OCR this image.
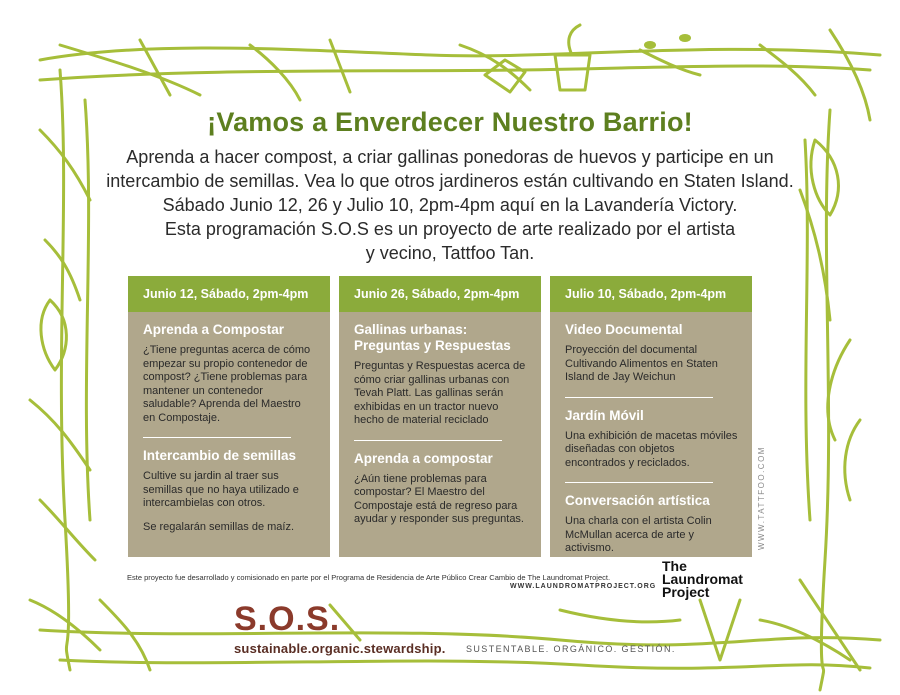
¡Vamos a Enverdecer Nuestro Barrio!

Aprenda a hacer compost, a criar gallinas ponedoras de huevos y participe en un
intercambio de semillas. Vea lo que otros jardineros están cultivando en Staten Island.
Sábado Junio 12, 26 y Julio 10, 2pm-4pm aquí en la Lavandería Victory.
Esta programación S.O.S es un proyecto de arte realizado por el artista
y vecino, Tattfoo Tan.

Junio 12, Sábado, 2pm-4pm

Aprenda a Compostar

¿Tiene preguntas acerca de cómo empezar su propio contenedor de compost? ¿Tiene problemas para mantener un contenedor saludable? Aprenda del Maestro en Compostaje.

Intercambio de semillas

Cultive su jardin al traer sus semillas que no haya utilizado e intercambielas con otros.

Se regalarán semillas de maíz.

Junio 26, Sábado, 2pm-4pm

Gallinas urbanas: Preguntas y Respuestas

Preguntas y Respuestas acerca de cómo criar gallinas urbanas con Tevah Platt. Las gallinas serán exhibidas en un tractor nuevo hecho de material reciclado

Aprenda a compostar

¿Aún tiene problemas para compostar? El Maestro del Compostaje está de regreso para ayudar y responder sus preguntas.

Julio 10, Sábado, 2pm-4pm

Video Documental

Proyección del documental Cultivando Alimentos en Staten Island de Jay Weichun

Jardín Móvil

Una exhibición de macetas móviles diseñadas con objetos encontrados y reciclados.

Conversación artística

Una charla con el artista Colin McMullan acerca de arte y activismo.	WWW.TATTFOO.COM
Este proyecto fue desarrollado y comisionado en parte por el Programa de Residencia de Arte Público Crear Cambio de The Laundromat Project.
WWW.LAUNDROMATPROJECT.ORG
The
Laundromat
Project
S.O.S.
sustainable.organic.stewardship. SUSTENTABLE. ORGÁNICO. GESTIÓN.
